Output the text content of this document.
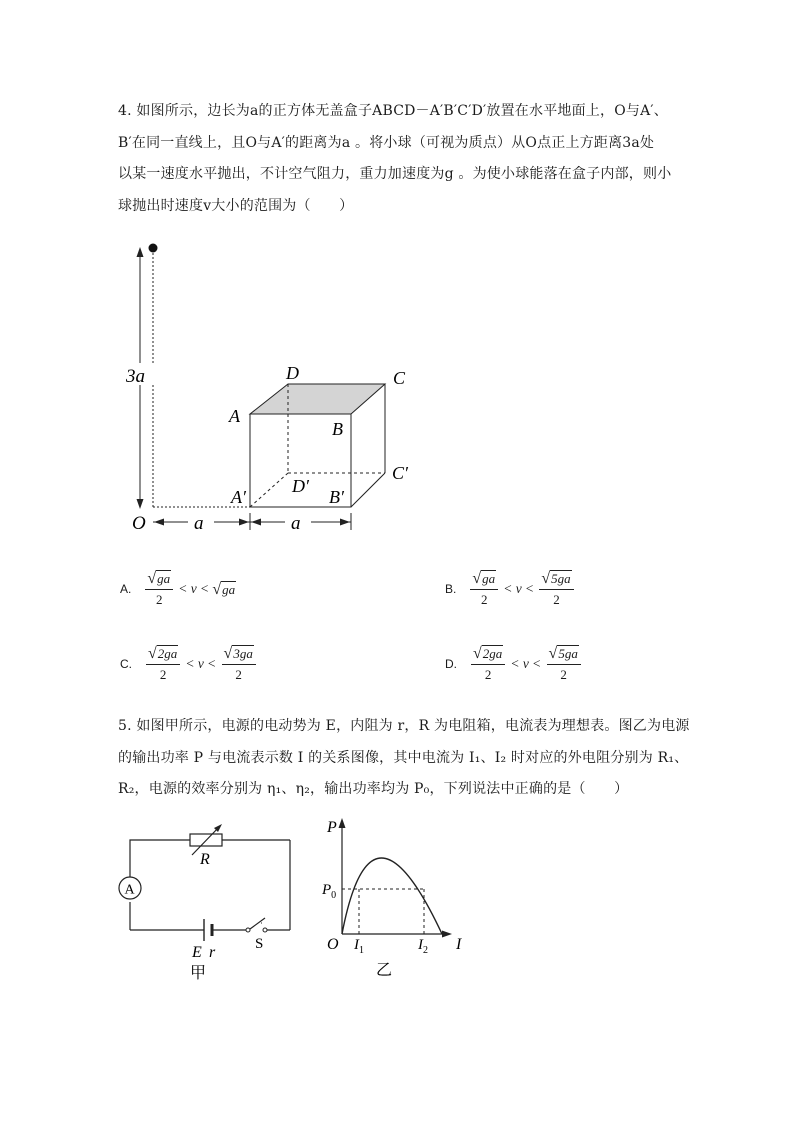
4. 如图所示，边长为a的正方体无盖盒子ABCD－A′B′C′D′放置在水平地面上，O与A′、

B′在同一直线上，且O与A′的距离为a 。将小球（可视为质点）从O点正上方距离3a处

以某一速度水平抛出，不计空气阻力，重力加速度为g 。为使小球能落在盒子内部，则小

球抛出时速度v大小的范围为（　　）

3a
O	a	a
D	C
A
B
C′
D′
A′	B′
A. $\frac{√ ga}{2} < v$ < √ ga	B. $\frac{√ ga}{2} < v < \frac{√ 5ga}{2}$
C. $\frac{√ 2ga}{2} < v < \frac{√ 3ga}{2}$	D. $\frac{√ 2ga}{2} < v < \frac{√ 5ga}{2}$

5. 如图甲所示，电源的电动势为 E，内阻为 r，R 为电阻箱，电流表为理想表。图乙为电源

的输出功率 P 与电流表示数 I 的关系图像，其中电流为 I₁、I₂ 时对应的外电阻分别为 R₁、

R₂，电源的效率分别为 η₁、η₂，输出功率均为 P₀，下列说法中正确的是（　　）

R
A
E r	S
甲
P
$P_0$
O $I_1$	$I_2$ I
乙
